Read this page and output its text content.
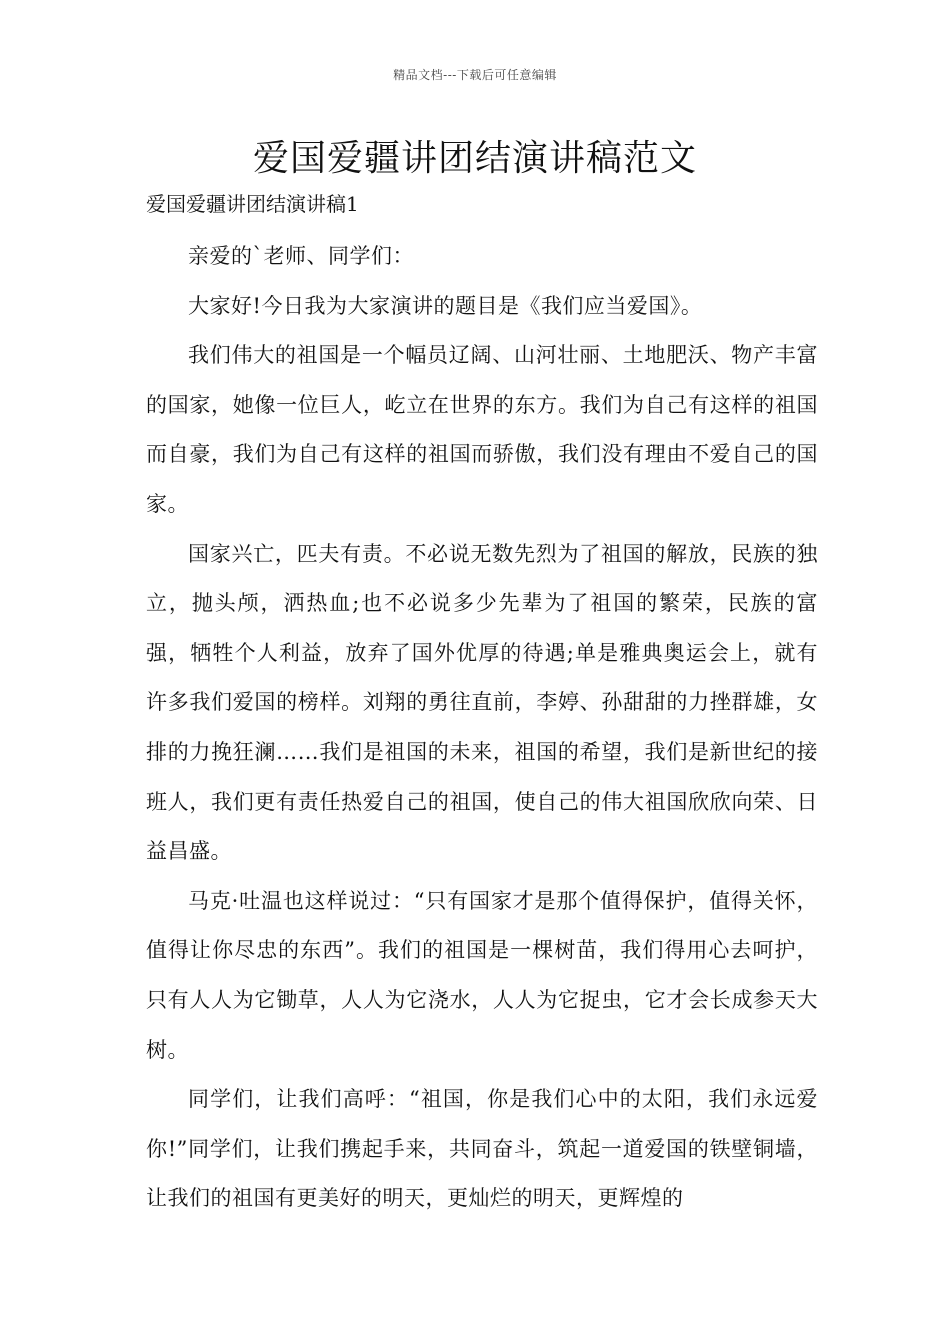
精品文档---下载后可任意编辑
爱国爱疆讲团结演讲稿范文

爱国爱疆讲团结演讲稿1

亲爱的`老师、同学们：

大家好!今日我为大家演讲的题目是《我们应当爱国》。

我们伟大的祖国是一个幅员辽阔、山河壮丽、土地肥沃、物产丰富的国家，她像一位巨人，屹立在世界的东方。我们为自己有这样的祖国而自豪，我们为自己有这样的祖国而骄傲，我们没有理由不爱自己的国家。

国家兴亡，匹夫有责。不必说无数先烈为了祖国的解放，民族的独立，抛头颅，洒热血;也不必说多少先辈为了祖国的繁荣，民族的富强，牺牲个人利益，放弃了国外优厚的待遇;单是雅典奥运会上，就有许多我们爱国的榜样。刘翔的勇往直前，李婷、孙甜甜的力挫群雄，女排的力挽狂澜……我们是祖国的未来，祖国的希望，我们是新世纪的接班人，我们更有责任热爱自己的祖国，使自己的伟大祖国欣欣向荣、日益昌盛。

马克·吐温也这样说过：“只有国家才是那个值得保护，值得关怀，值得让你尽忠的东西”。我们的祖国是一棵树苗，我们得用心去呵护，只有人人为它锄草，人人为它浇水，人人为它捉虫，它才会长成参天大树。

同学们，让我们高呼：“祖国，你是我们心中的太阳，我们永远爱你!”同学们，让我们携起手来，共同奋斗，筑起一道爱国的铁壁铜墙，让我们的祖国有更美好的明天，更灿烂的明天，更辉煌的
